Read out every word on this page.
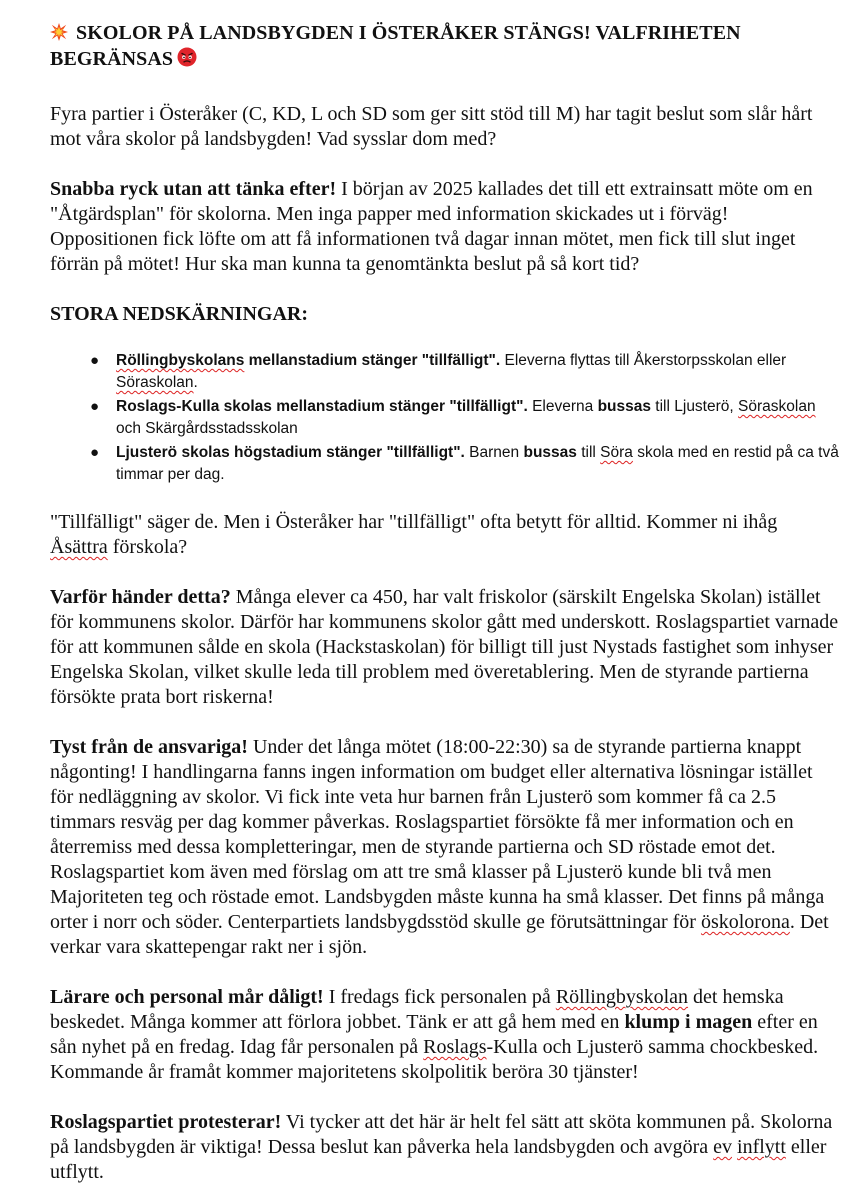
SKOLOR PÅ LANDSBYGDEN I ÖSTERÅKER STÄNGS! VALFRIHETEN BEGRÄNSAS

Fyra partier i Österåker (C, KD, L och SD som ger sitt stöd till M) har tagit beslut som slår hårt mot våra skolor på landsbygden! Vad sysslar dom med?

Snabba ryck utan att tänka efter! I början av 2025 kallades det till ett extrainsatt möte om en "Åtgärdsplan" för skolorna. Men inga papper med information skickades ut i förväg! Oppositionen fick löfte om att få informationen två dagar innan mötet, men fick till slut inget förrän på mötet! Hur ska man kunna ta genomtänkta beslut på så kort tid?

STORA NEDSKÄRNINGAR:
● Röllingbyskolans mellanstadium stänger "tillfälligt". Eleverna flyttas till Åkerstorpsskolan eller Söraskolan.
● Roslags-Kulla skolas mellanstadium stänger "tillfälligt". Eleverna bussas till Ljusterö, Söraskolan och Skärgårdsstadsskolan
● Ljusterö skolas högstadium stänger "tillfälligt". Barnen bussas till Söra skola med en restid på ca två timmar per dag.

"Tillfälligt" säger de. Men i Österåker har "tillfälligt" ofta betytt för alltid. Kommer ni ihåg Åsättra förskola?

Varför händer detta? Många elever ca 450, har valt friskolor (särskilt Engelska Skolan) istället för kommunens skolor. Därför har kommunens skolor gått med underskott. Roslagspartiet varnade för att kommunen sålde en skola (Hackstaskolan) för billigt till just Nystads fastighet som inhyser Engelska Skolan, vilket skulle leda till problem med överetablering. Men de styrande partierna försökte prata bort riskerna!

Tyst från de ansvariga! Under det långa mötet (18:00-22:30) sa de styrande partierna knappt någonting! I handlingarna fanns ingen information om budget eller alternativa lösningar istället för nedläggning av skolor. Vi fick inte veta hur barnen från Ljusterö som kommer få ca 2.5 timmars resväg per dag kommer påverkas. Roslagspartiet försökte få mer information och en återremiss med dessa kompletteringar, men de styrande partierna och SD röstade emot det. Roslagspartiet kom även med förslag om att tre små klasser på Ljusterö kunde bli två men Majoriteten teg och röstade emot. Landsbygden måste kunna ha små klasser. Det finns på många orter i norr och söder. Centerpartiets landsbygdsstöd skulle ge förutsättningar för öskolorona. Det verkar vara skattepengar rakt ner i sjön.

Lärare och personal mår dåligt! I fredags fick personalen på Röllingbyskolan det hemska beskedet. Många kommer att förlora jobbet. Tänk er att gå hem med en klump i magen efter en sån nyhet på en fredag. Idag får personalen på Roslags-Kulla och Ljusterö samma chockbesked. Kommande år framåt kommer majoritetens skolpolitik beröra 30 tjänster!

Roslagspartiet protesterar! Vi tycker att det här är helt fel sätt att sköta kommunen på. Skolorna på landsbygden är viktiga! Dessa beslut kan påverka hela landsbygden och avgöra ev inflytt eller utflytt.
